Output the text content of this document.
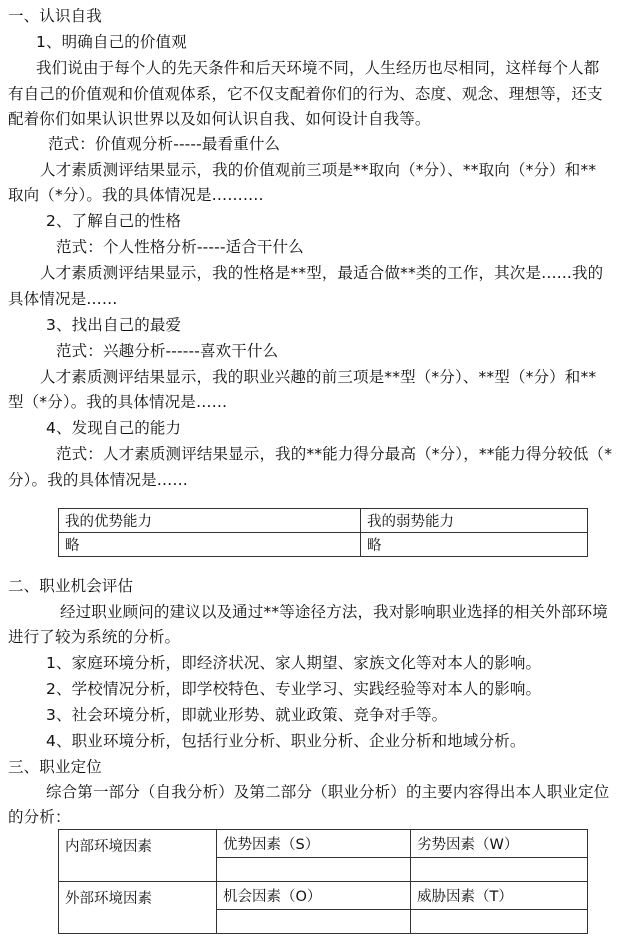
一、认识自我
1、明确自己的价值观
我们说由于每个人的先天条件和后天环境不同，人生经历也尽相同，这样每个人都
有自己的价值观和价值观体系，它不仅支配着你们的行为、态度、观念、理想等，还支
配着你们如果认识世界以及如何认识自我、如何设计自我等。
范式：价值观分析-----最看重什么
人才素质测评结果显示，我的价值观前三项是**取向（*分）、**取向（*分）和**
取向（*分）。我的具体情况是……….
2、了解自己的性格
范式：个人性格分析-----适合干什么
人才素质测评结果显示，我的性格是**型，最适合做**类的工作，其次是…...我的
具体情况是……
3、找出自己的最爱
范式：兴趣分析------喜欢干什么
人才素质测评结果显示，我的职业兴趣的前三项是**型（*分）、**型（*分）和**
型（*分）。我的具体情况是……
4、发现自己的能力
范式：人才素质测评结果显示，我的**能力得分最高（*分），**能力得分较低（*
分）。我的具体情况是……
我的优势能力	我的弱势能力
略	略
二、职业机会评估
经过职业顾问的建议以及通过**等途径方法，我对影响职业选择的相关外部环境
进行了较为系统的分析。
1、家庭环境分析，即经济状况、家人期望、家族文化等对本人的影响。
2、学校情况分析，即学校特色、专业学习、实践经验等对本人的影响。
3、社会环境分析，即就业形势、就业政策、竞争对手等。
4、职业环境分析，包括行业分析、职业分析、企业分析和地域分析。
三、职业定位
综合第一部分（自我分析）及第二部分（职业分析）的主要内容得出本人职业定位
的分析：
内部环境因素	优势因素（S）	劣势因素（W）

外部环境因素	机会因素（O）	威胁因素（T）
